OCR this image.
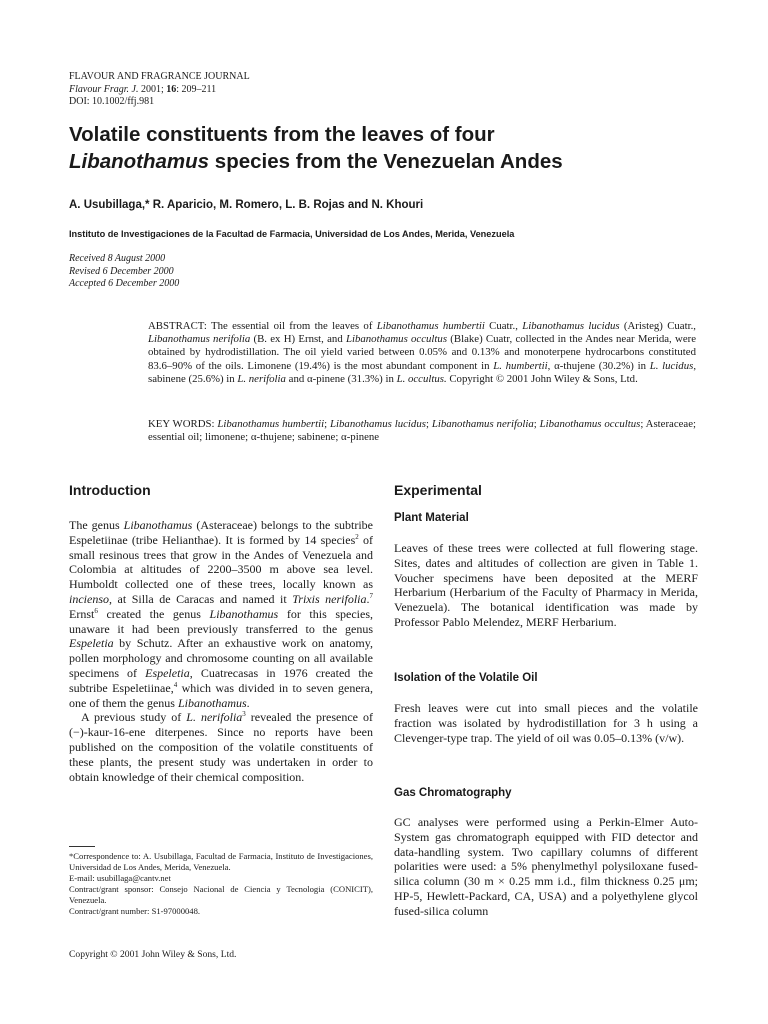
FLAVOUR AND FRAGRANCE JOURNAL
Flavour Fragr. J. 2001; 16: 209–211
DOI: 10.1002/ffj.981
Volatile constituents from the leaves of four
Libanothamus species from the Venezuelan Andes
A. Usubillaga,* R. Aparicio, M. Romero, L. B. Rojas and N. Khouri
Instituto de Investigaciones de la Facultad de Farmacia, Universidad de Los Andes, Merida, Venezuela
Received 8 August 2000
Revised 6 December 2000
Accepted 6 December 2000

ABSTRACT: The essential oil from the leaves of Libanothamus humbertii Cuatr., Libanothamus lucidus (Aristeg) Cuatr., Libanothamus nerifolia (B. ex H) Ernst, and Libanothamus occultus (Blake) Cuatr, collected in the Andes near Merida, were obtained by hydrodistillation. The oil yield varied between 0.05% and 0.13% and monoterpene hydrocarbons constituted 83.6–90% of the oils. Limonene (19.4%) is the most abundant component in L. humbertii, α-thujene (30.2%) in L. lucidus, sabinene (25.6%) in L. nerifolia and α-pinene (31.3%) in L. occultus. Copyright © 2001 John Wiley & Sons, Ltd.

KEY WORDS: Libanothamus humbertii; Libanothamus lucidus; Libanothamus nerifolia; Libanothamus occultus; Asteraceae; essential oil; limonene; α-thujene; sabinene; α-pinene

Introduction

The genus Libanothamus (Asteraceae) belongs to the subtribe Espeletiinae (tribe Helianthae). It is formed by 14 species$^2$ of small resinous trees that grow in the Andes of Venezuela and Colombia at altitudes of 2200–3500 m above sea level. Humboldt collected one of these trees, locally known as inciensо, at Silla de Caracas and named it Trixis nerifolia.$^7$ Ernst$^6$ created the genus Libanothamus for this species, unaware it had been previously transferred to the genus Espeletia by Schutz. After an exhaustive work on anatomy, pollen morphology and chromosome counting on all available specimens of Espeletia, Cuatrecasas in 1976 created the subtribe Espeletiinae,$^4$ which was divided in to seven genera, one of them the genus Libanothamus.

A previous study of L. nerifolia$^3$ revealed the presence of (−)-kaur-16-ene diterpenes. Since no reports have been published on the composition of the volatile constituents of these plants, the present study was undertaken in order to obtain knowledge of their chemical composition.

Experimental
Plant Material

Leaves of these trees were collected at full flowering stage. Sites, dates and altitudes of collection are given in Table 1. Voucher specimens have been deposited at the MERF Herbarium (Herbarium of the Faculty of Pharmacy in Merida, Venezuela). The botanical identification was made by Professor Pablo Melendez, MERF Herbarium.

Isolation of the Volatile Oil

Fresh leaves were cut into small pieces and the volatile fraction was isolated by hydrodistillation for 3 h using a Clevenger-type trap. The yield of oil was 0.05–0.13% (v/w).

Gas Chromatography

GC analyses were performed using a Perkin-Elmer Auto-System gas chromatograph equipped with FID detector and data-handling system. Two capillary columns of different polarities were used: a 5% phenylmethyl polysiloxane fused-silica column (30 m × 0.25 mm i.d., film thickness 0.25 μm; HP-5, Hewlett-Packard, CA, USA) and a polyethylene glycol fused-silica column

*Correspondence to: A. Usubillaga, Facultad de Farmacia, Instituto de Investigaciones, Universidad de Los Andes, Merida, Venezuela.
E-mail: usubillaga@cantv.net
Contract/grant sponsor: Consejo Nacional de Ciencia y Tecnologia (CONICIT), Venezuela.
Contract/grant number: S1-97000048.
Copyright © 2001 John Wiley & Sons, Ltd.
